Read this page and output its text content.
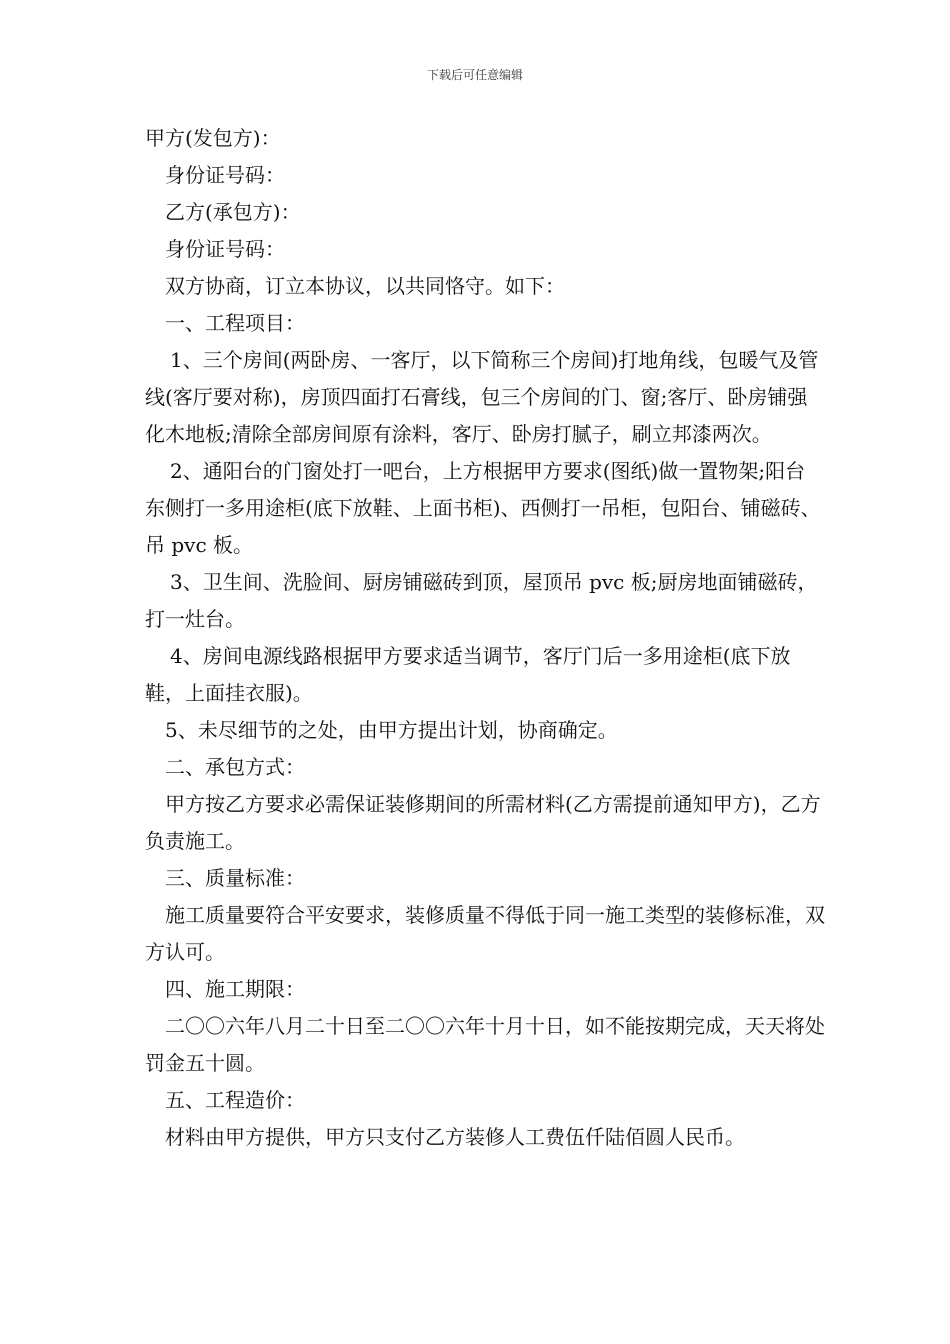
下载后可任意编辑

甲方(发包方)：

身份证号码：

乙方(承包方)：

身份证号码：

双方协商，订立本协议，以共同恪守。如下：

一、工程项目：

1、三个房间(两卧房、一客厅，以下简称三个房间)打地角线，包暖气及管线(客厅要对称)，房顶四面打石膏线，包三个房间的门、窗;客厅、卧房铺强化木地板;清除全部房间原有涂料，客厅、卧房打腻子，刷立邦漆两次。

2、通阳台的门窗处打一吧台，上方根据甲方要求(图纸)做一置物架;阳台东侧打一多用途柜(底下放鞋、上面书柜)、西侧打一吊柜，包阳台、铺磁砖、吊 pvc 板。

3、卫生间、洗脸间、厨房铺磁砖到顶，屋顶吊 pvc 板;厨房地面铺磁砖，打一灶台。

4、房间电源线路根据甲方要求适当调节，客厅门后一多用途柜(底下放鞋，上面挂衣服)。

5、未尽细节的之处，由甲方提出计划，协商确定。

二、承包方式：

甲方按乙方要求必需保证装修期间的所需材料(乙方需提前通知甲方)，乙方负责施工。

三、质量标准：

施工质量要符合平安要求，装修质量不得低于同一施工类型的装修标准，双方认可。

四、施工期限：

二〇〇六年八月二十日至二〇〇六年十月十日，如不能按期完成，天天将处罚金五十圆。

五、工程造价：

材料由甲方提供，甲方只支付乙方装修人工费伍仟陆佰圆人民币。
